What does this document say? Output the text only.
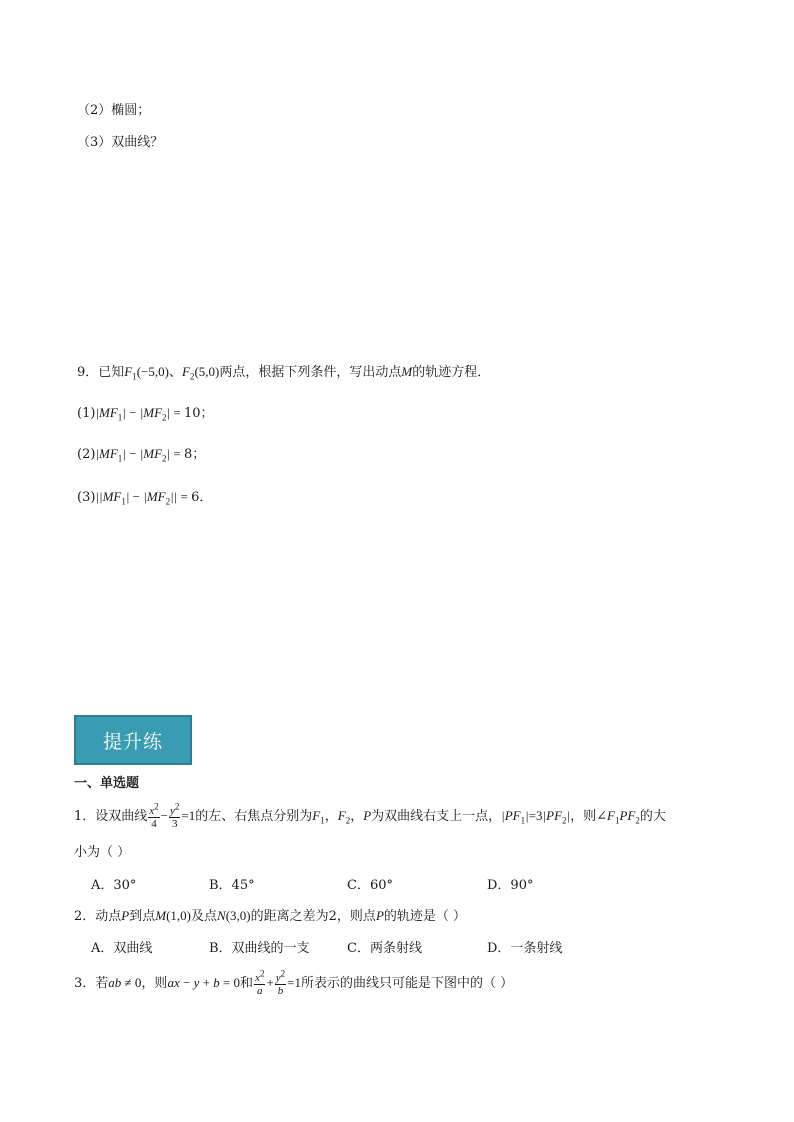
（2）椭圆；
（3）双曲线？
9．已知$F_1(-5,0)$、$F_2(5,0)$两点，根据下列条件，写出动点M的轨迹方程．
$(1)|MF_1| - |MF_2| = 10$；
$(2)|MF_1| - |MF_2| = 8$；
$(3)||MF_1| - |MF_2|| = 6$．
提升练
一、单选题
1．设双曲线 $\frac{x^2}{4} - \frac{y^2}{3} =1$的左、右焦点分别为$F_1$，$F_2$，P为双曲线右支上一点，$|PF_1|=3|PF_2|$，则$\angle F_1PF_2$的大
小为（ ）
A．30°	B．45°	C．60°	D．90°
2．动点P到点M(1,0)及点N(3,0)的距离之差为2，则点P的轨迹是（ ）
A．双曲线	B．双曲线的一支	C．两条射线	D．一条射线
3．若ab ≠ 0，则ax − y + b = 0和 $\frac{x^2}{a} + \frac{y^2}{b} =1$所表示的曲线只可能是下图中的（ ）
